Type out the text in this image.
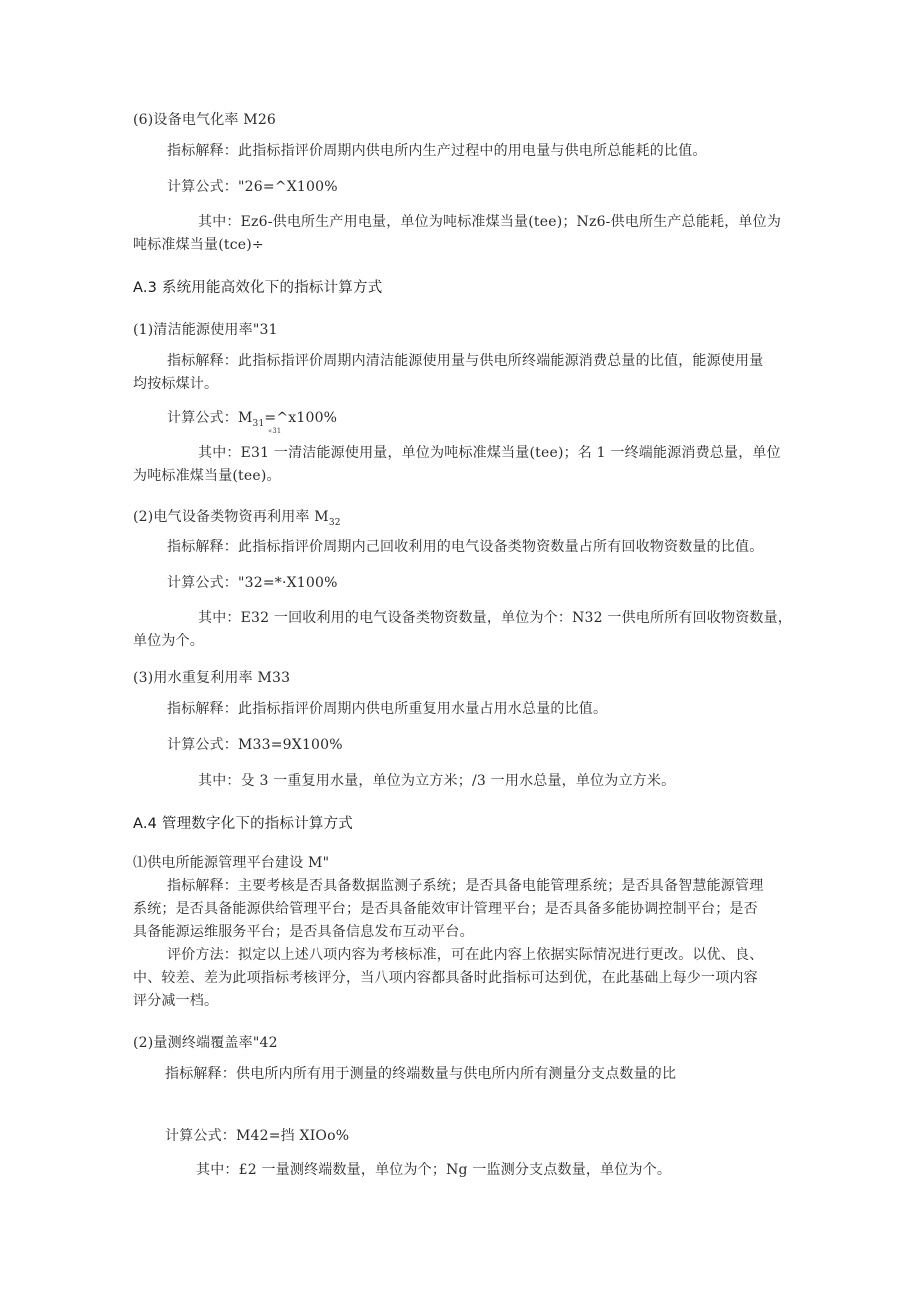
(6)设备电气化率 M26
指标解释：此指标指评价周期内供电所内生产过程中的用电量与供电所总能耗的比值。
计算公式："26=^X100%
其中：Ez6-供电所生产用电量，单位为吨标准煤当量(tee)；Nz6-供电所生产总能耗，单位为
吨标准煤当量(tce)÷
A.3 系统用能高效化下的指标计算方式
(1)清洁能源使用率"31
指标解释：此指标指评价周期内清洁能源使用量与供电所终端能源消费总量的比值，能源使用量
均按标煤计。
计算公式：$M_{31}=\^{}x100\%$
«31
其中：E31 一清洁能源使用量，单位为吨标准煤当量(tee)；名 1 一终端能源消费总量，单位
为吨标准煤当量(tee)。
(2)电气设备类物资再利用率 $M_{32}$
指标解释：此指标指评价周期内己回收利用的电气设备类物资数量占所有回收物资数量的比值。
计算公式："32=*·X100%
其中：E32 一回收利用的电气设备类物资数量，单位为个：N32 一供电所所有回收物资数量，
单位为个。
(3)用水重复利用率 M33
指标解释：此指标指评价周期内供电所重复用水量占用水总量的比值。
计算公式：M33=9X100%
其中：殳 3 一重复用水量，单位为立方米；/3 一用水总量，单位为立方米。
A.4 管理数字化下的指标计算方式
⑴供电所能源管理平台建设 M"
指标解释：主要考核是否具备数据监测子系统；是否具备电能管理系统；是否具备智慧能源管理
系统；是否具备能源供给管理平台；是否具备能效审计管理平台；是否具备多能协调控制平台；是否
具备能源运维服务平台；是否具备信息发布互动平台。
评价方法：拟定以上述八项内容为考核标准，可在此内容上依据实际情况进行更改。以优、良、
中、较差、差为此项指标考核评分，当八项内容都具备时此指标可达到优，在此基础上每少一项内容
评分减一档。
(2)量测终端覆盖率"42
指标解释：供电所内所有用于测量的终端数量与供电所内所有测量分支点数量的比
计算公式：M42=挡 XIOo%
其中：£2 一量测终端数量，单位为个；Ng 一监测分支点数量，单位为个。
